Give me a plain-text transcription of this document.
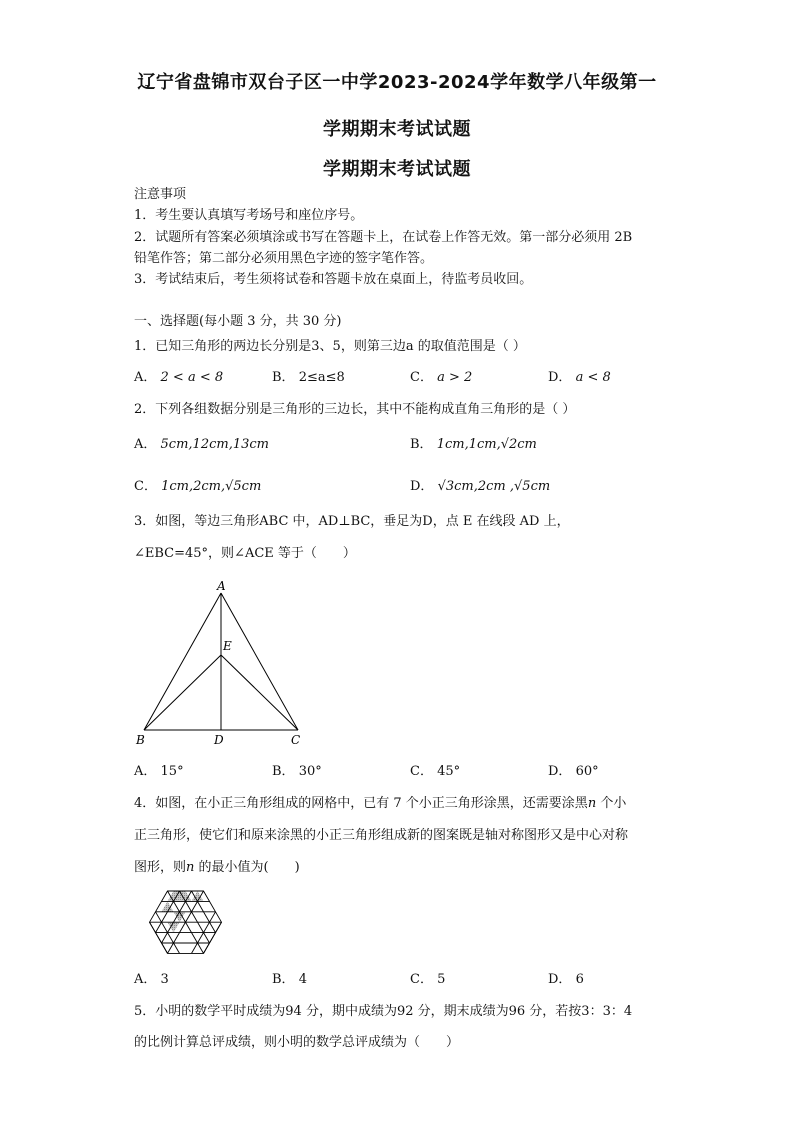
辽宁省盘锦市双台子区一中学2023-2024学年数学八年级第一
学期期末考试试题
学期期末考试试题
注意事项
1．考生要认真填写考场号和座位序号。
2．试题所有答案必须填涂或书写在答题卡上，在试卷上作答无效。第一部分必须用 2B
铅笔作答；第二部分必须用黑色字迹的签字笔作答。
3．考试结束后，考生须将试卷和答题卡放在桌面上，待监考员收回。
一、选择题(每小题 3 分，共 30 分)
1．已知三角形的两边长分别是3、5，则第三边a 的取值范围是（ ）
A． 2 < a < 8	B． 2≤a≤8	C． a > 2	D． a < 8
2．下列各组数据分别是三角形的三边长，其中不能构成直角三角形的是（ ）
A． 5cm,12cm,13cm	B． 1cm,1cm,√2cm
C． 1cm,2cm,√5cm	D． √3cm,2cm ,√5cm
3．如图，等边三角形ABC 中，AD⊥BC，垂足为D，点 E 在线段 AD 上，
∠EBC=45°，则∠ACE 等于（　　）
A
E
B	D	C
A． 15°	B． 30°	C． 45°	D． 60°
4．如图，在小正三角形组成的网格中，已有 7 个小正三角形涂黑，还需要涂黑n 个小
正三角形，使它们和原来涂黑的小正三角形组成新的图案既是轴对称图形又是中心对称
图形，则n 的最小值为(　　)
A． 3	B． 4	C． 5	D． 6
5．小明的数学平时成绩为94 分，期中成绩为92 分，期末成绩为96 分，若按3：3：4
的比例计算总评成绩，则小明的数学总评成绩为（　　）
